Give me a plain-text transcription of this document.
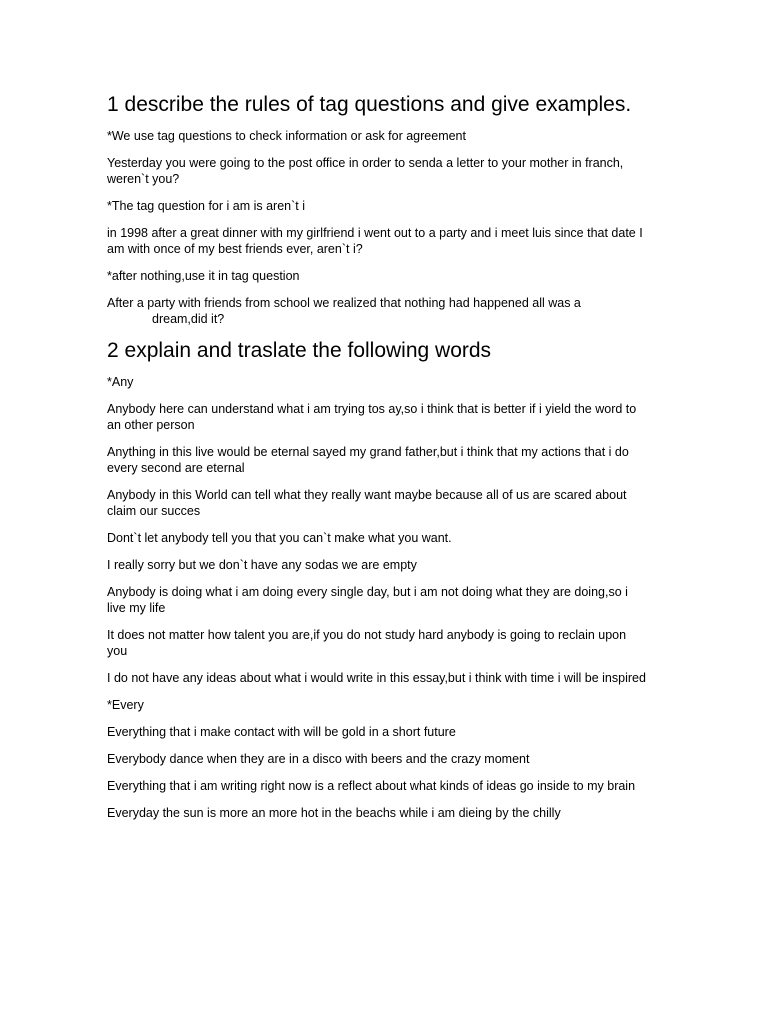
1 describe the rules of tag questions and give examples.

*We use tag questions to check information or ask for agreement

Yesterday you were going to the post office in order to senda a letter to your mother in franch, weren`t you?

*The tag question for i am is aren`t i

in 1998 after a great dinner with my girlfriend i went out to a party and i meet luis since that date I am with once of my best friends ever, aren`t i?

*after nothing,use it in tag question

After a party with friends from school we realized that nothing had happened all was a
dream,did it?

2 explain and traslate the following words

*Any

Anybody here can understand what i am trying tos ay,so i think that is better if i yield the word to an other person

Anything in this live would be eternal sayed my grand father,but i think that my actions that i do every second are eternal

Anybody in this World can tell what they really want maybe because all of us are scared about claim our succes

Dont`t let anybody tell you that you can`t make what you want.

I really sorry but we don`t have any sodas we are empty

Anybody is doing what i am doing every single day, but i am not doing what they are doing,so i live my life

It does not matter how talent you are,if you do not study hard anybody is going to reclain upon you

I do not have any ideas about what i would write in this essay,but i think with time i will be inspired

*Every

Everything that i make contact with will be gold in a short future

Everybody dance when they are in a disco with beers and the crazy moment

Everything that i am writing right now is a reflect about what kinds of ideas go inside to my brain

Everyday the sun is more an more hot in the beachs while i am dieing by the chilly
